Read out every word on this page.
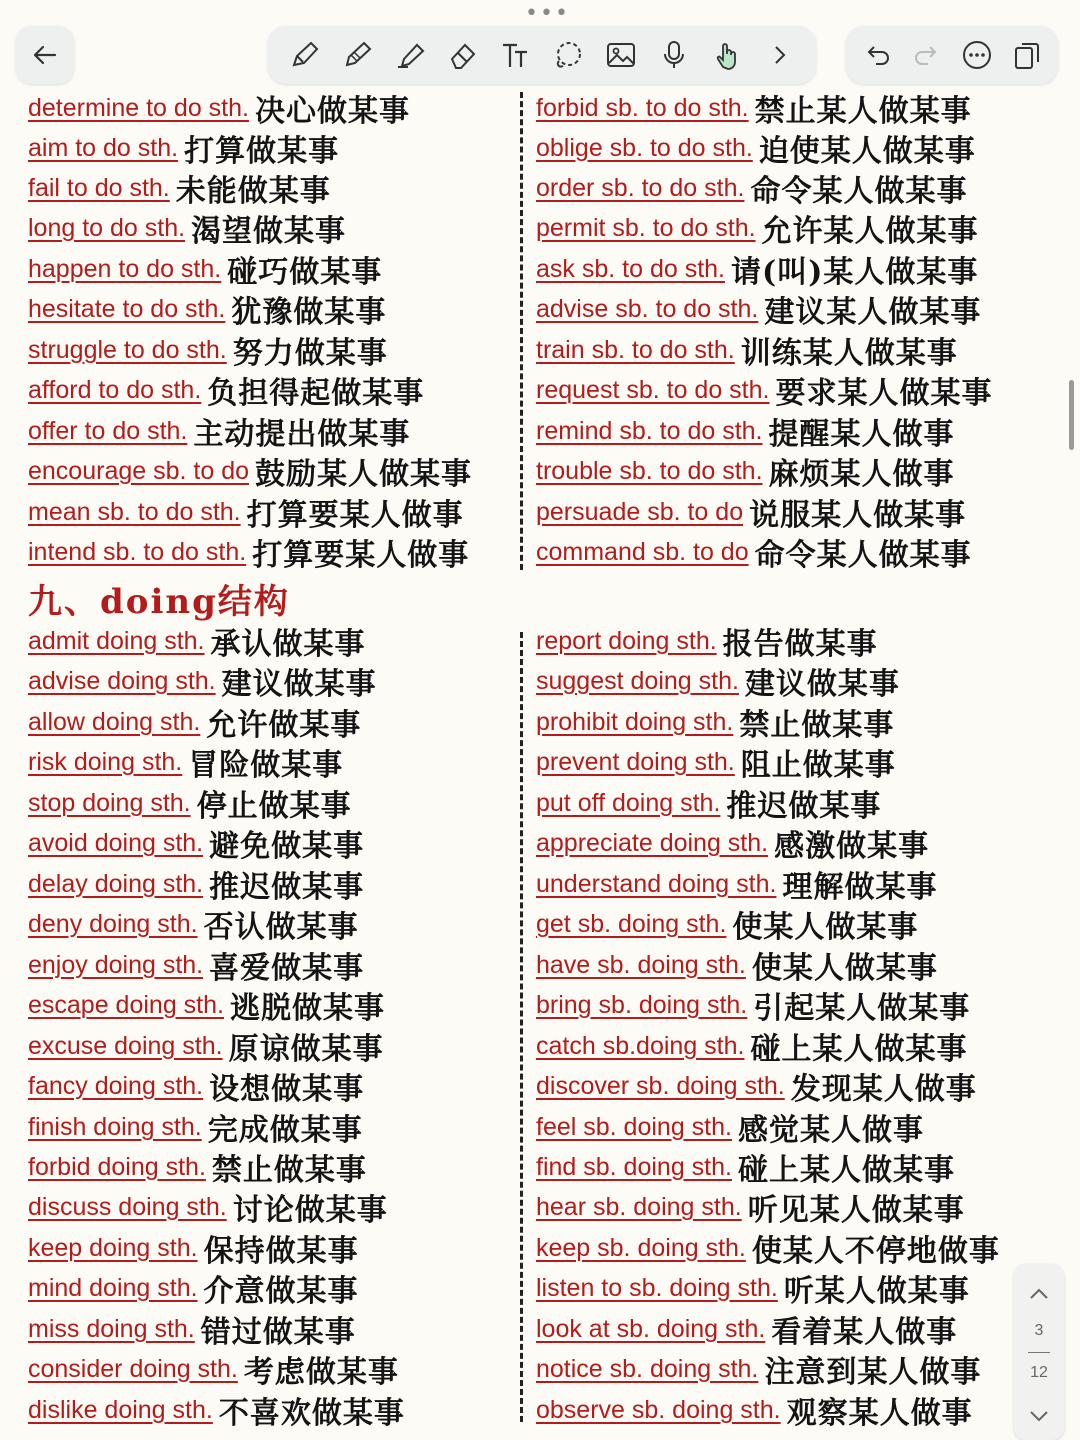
•••
determine to do sth. 决心做某事
aim to do sth. 打算做某事
fail to do sth. 未能做某事
long to do sth. 渴望做某事
happen to do sth. 碰巧做某事
hesitate to do sth. 犹豫做某事
struggle to do sth. 努力做某事
afford to do sth. 负担得起做某事
offer to do sth. 主动提出做某事
encourage sb. to do 鼓励某人做某事
mean sb. to do sth. 打算要某人做事
intend sb. to do sth. 打算要某人做事
forbid sb. to do sth. 禁止某人做某事
oblige sb. to do sth. 迫使某人做某事
order sb. to do sth. 命令某人做某事
permit sb. to do sth. 允许某人做某事
ask sb. to do sth. 请(叫)某人做某事
advise sb. to do sth. 建议某人做某事
train sb. to do sth. 训练某人做某事
request sb. to do sth. 要求某人做某事
remind sb. to do sth. 提醒某人做事
trouble sb. to do sth. 麻烦某人做事
persuade sb. to do 说服某人做某事
command sb. to do 命令某人做某事
九、doing结构
admit doing sth. 承认做某事
advise doing sth. 建议做某事
allow doing sth. 允许做某事
risk doing sth. 冒险做某事
stop doing sth. 停止做某事
avoid doing sth. 避免做某事
delay doing sth. 推迟做某事
deny doing sth. 否认做某事
enjoy doing sth. 喜爱做某事
escape doing sth. 逃脱做某事
excuse doing sth. 原谅做某事
fancy doing sth. 设想做某事
finish doing sth. 完成做某事
forbid doing sth. 禁止做某事
discuss doing sth. 讨论做某事
keep doing sth. 保持做某事
mind doing sth. 介意做某事
miss doing sth. 错过做某事
consider doing sth. 考虑做某事
dislike doing sth. 不喜欢做某事
report doing sth. 报告做某事
suggest doing sth. 建议做某事
prohibit doing sth. 禁止做某事
prevent doing sth. 阻止做某事
put off doing sth. 推迟做某事
appreciate doing sth. 感激做某事
understand doing sth. 理解做某事
get sb. doing sth. 使某人做某事
have sb. doing sth. 使某人做某事
bring sb. doing sth. 引起某人做某事
catch sb.doing sth. 碰上某人做某事
discover sb. doing sth. 发现某人做事
feel sb. doing sth. 感觉某人做事
find sb. doing sth. 碰上某人做某事
hear sb. doing sth. 听见某人做某事
keep sb. doing sth. 使某人不停地做事
listen to sb. doing sth. 听某人做某事
look at sb. doing sth. 看着某人做事
notice sb. doing sth. 注意到某人做事
observe sb. doing sth. 观察某人做事
3
12
